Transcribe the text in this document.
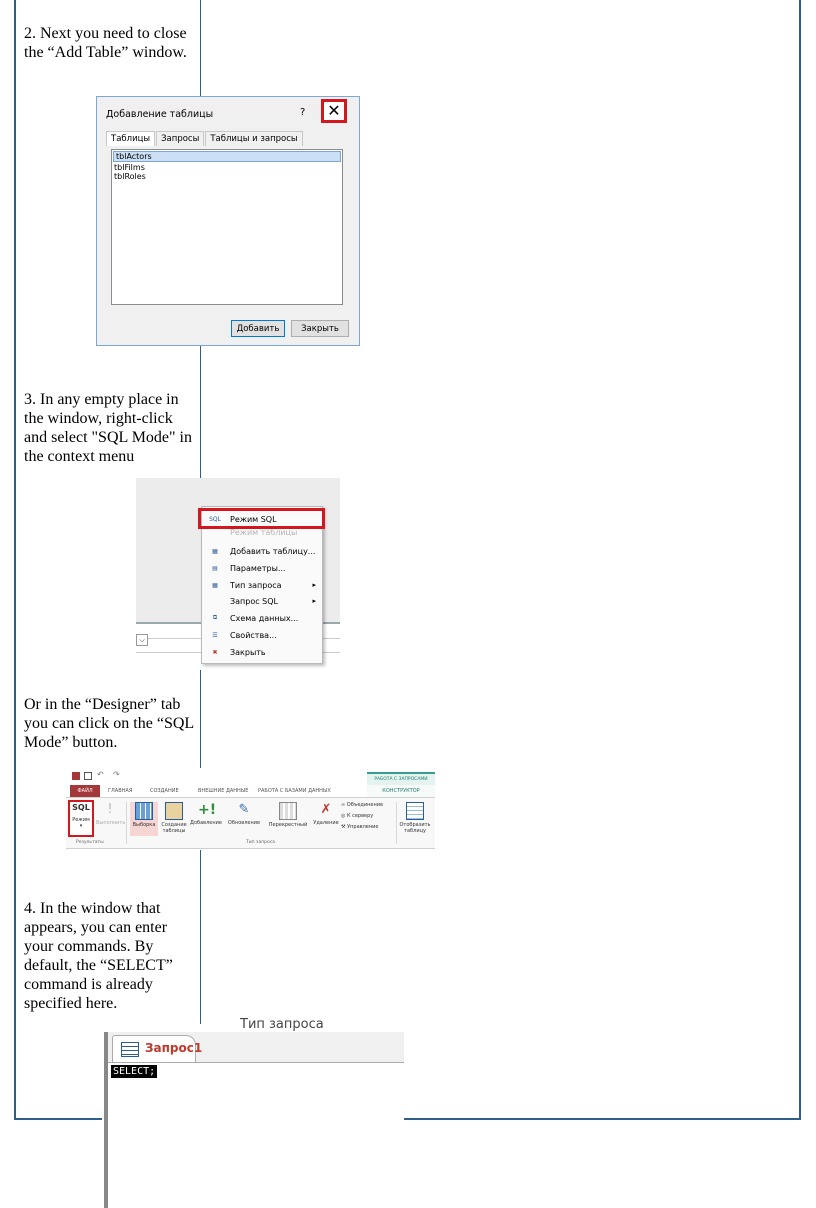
2. Next you need to close the “Add Table” window.
3. In any empty place in the window, right-click and select "SQL Mode" in the context menu
Or in the “Designer” tab you can click on the “SQL Mode” button.
4. In the window that appears, you can enter your commands. By default, the “SELECT” command is already specified here.
Добавление таблицы	?	✕
Таблицы	Запросы	Таблицы и запросы
tblActors
tblFilms
tblRoles
Добавить	Закрыть
⌵
SQL Режим SQL
Режим таблицы
▦	Добавить таблицу...
▤	Параметры...
▦	Тип запроса	▸
Запрос SQL	▸
⧉	Схема данных...
☰	Свойства...
✖	Закрыть
↶ ↷
РАБОТА С ЗАПРОСАМИ
ФАЙЛ	ГЛАВНАЯ	СОЗДАНИЕ	ВНЕШНИЕ ДАННЫЕ РАБОТА С БАЗАМИ ДАННЫХ	КОНСТРУКТОР
SQL
Режим
▾
!
Выполнить	Выборка	Создание таблицы
+!
Добавление
✎
Обновление	Перекрестный
✗
Удаление
∞ Объединение
◎ К серверу
⚒ Управление	Отобразить таблицу
Результаты	Тип запроса
Тип запроса
Запрос1
SELECT;
